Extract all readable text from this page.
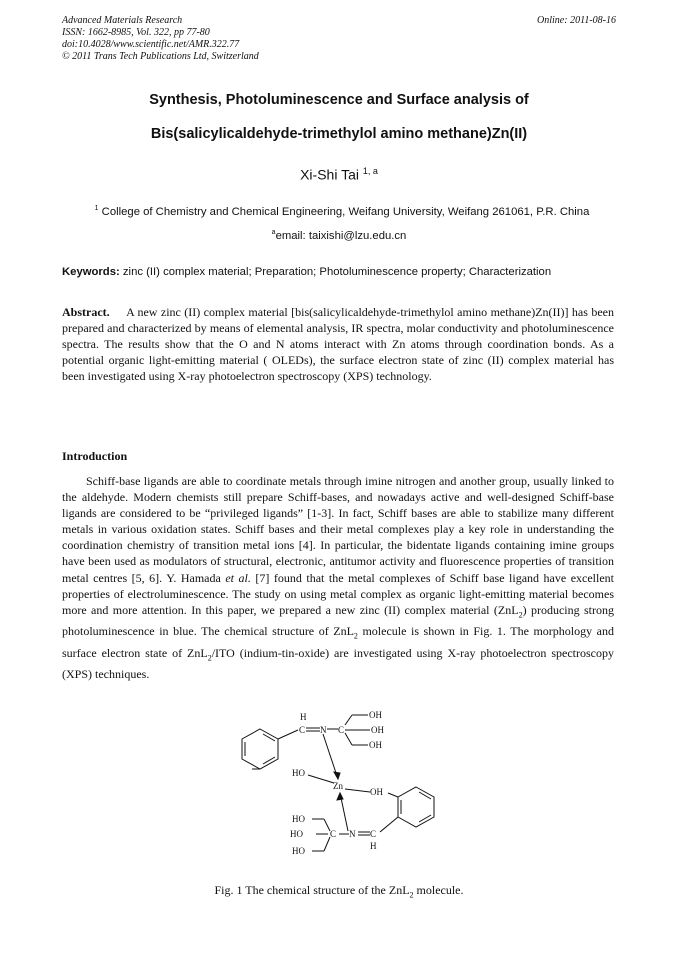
Advanced Materials Research
ISSN: 1662-8985, Vol. 322, pp 77-80
doi:10.4028/www.scientific.net/AMR.322.77
© 2011 Trans Tech Publications Ltd, Switzerland
Online: 2011-08-16
Synthesis, Photoluminescence and Surface analysis of
Bis(salicylicaldehyde-trimethylol amino methane)Zn(II)
Xi-Shi Tai $^{1, a}$
$^1$ College of Chemistry and Chemical Engineering, Weifang University, Weifang 261061, P.R. China
$^a$email: taixishi@lzu.edu.cn
Keywords: zinc (II) complex material; Preparation; Photoluminescence property; Characterization
Abstract. A new zinc (II) complex material [bis(salicylicaldehyde-trimethylol amino methane)Zn(II)] has been prepared and characterized by means of elemental analysis, IR spectra, molar conductivity and photoluminescence spectra. The results show that the O and N atoms interact with Zn atoms through coordination bonds. As a potential organic light-emitting material ( OLEDs), the surface electron state of zinc (II) complex material has been investigated using X-ray photoelectron spectroscopy (XPS) technology.
Introduction
Schiff-base ligands are able to coordinate metals through imine nitrogen and another group, usually linked to the aldehyde. Modern chemists still prepare Schiff-bases, and nowadays active and well-designed Schiff-base ligands are considered to be “privileged ligands” [1-3]. In fact, Schiff bases are able to stabilize many different metals in various oxidation states. Schiff bases and their metal complexes play a key role in understanding the coordination chemistry of transition metal ions [4]. In particular, the bidentate ligands containing imine groups have been used as modulators of structural, electronic, antitumor activity and fluorescence properties of transition metal centres [5, 6]. Y. Hamada et al. [7] found that the metal complexes of Schiff base ligand have excellent properties of electroluminescence. The study on using metal complex as organic light-emitting material becomes more and more attention. In this paper, we prepared a new zinc (II) complex material (ZnL$_2$) producing strong photoluminescence in blue. The chemical structure of ZnL$_2$ molecule is shown in Fig. 1. The morphology and surface electron state of ZnL$_2$/ITO (indium-tin-oxide) are investigated using X-ray photoelectron spectroscopy (XPS) techniques.
H
C N C
OH
OH
OH
HO
Zn
OH
HO
HO
HO
C N C
H
Fig. 1 The chemical structure of the ZnL$_2$ molecule.
